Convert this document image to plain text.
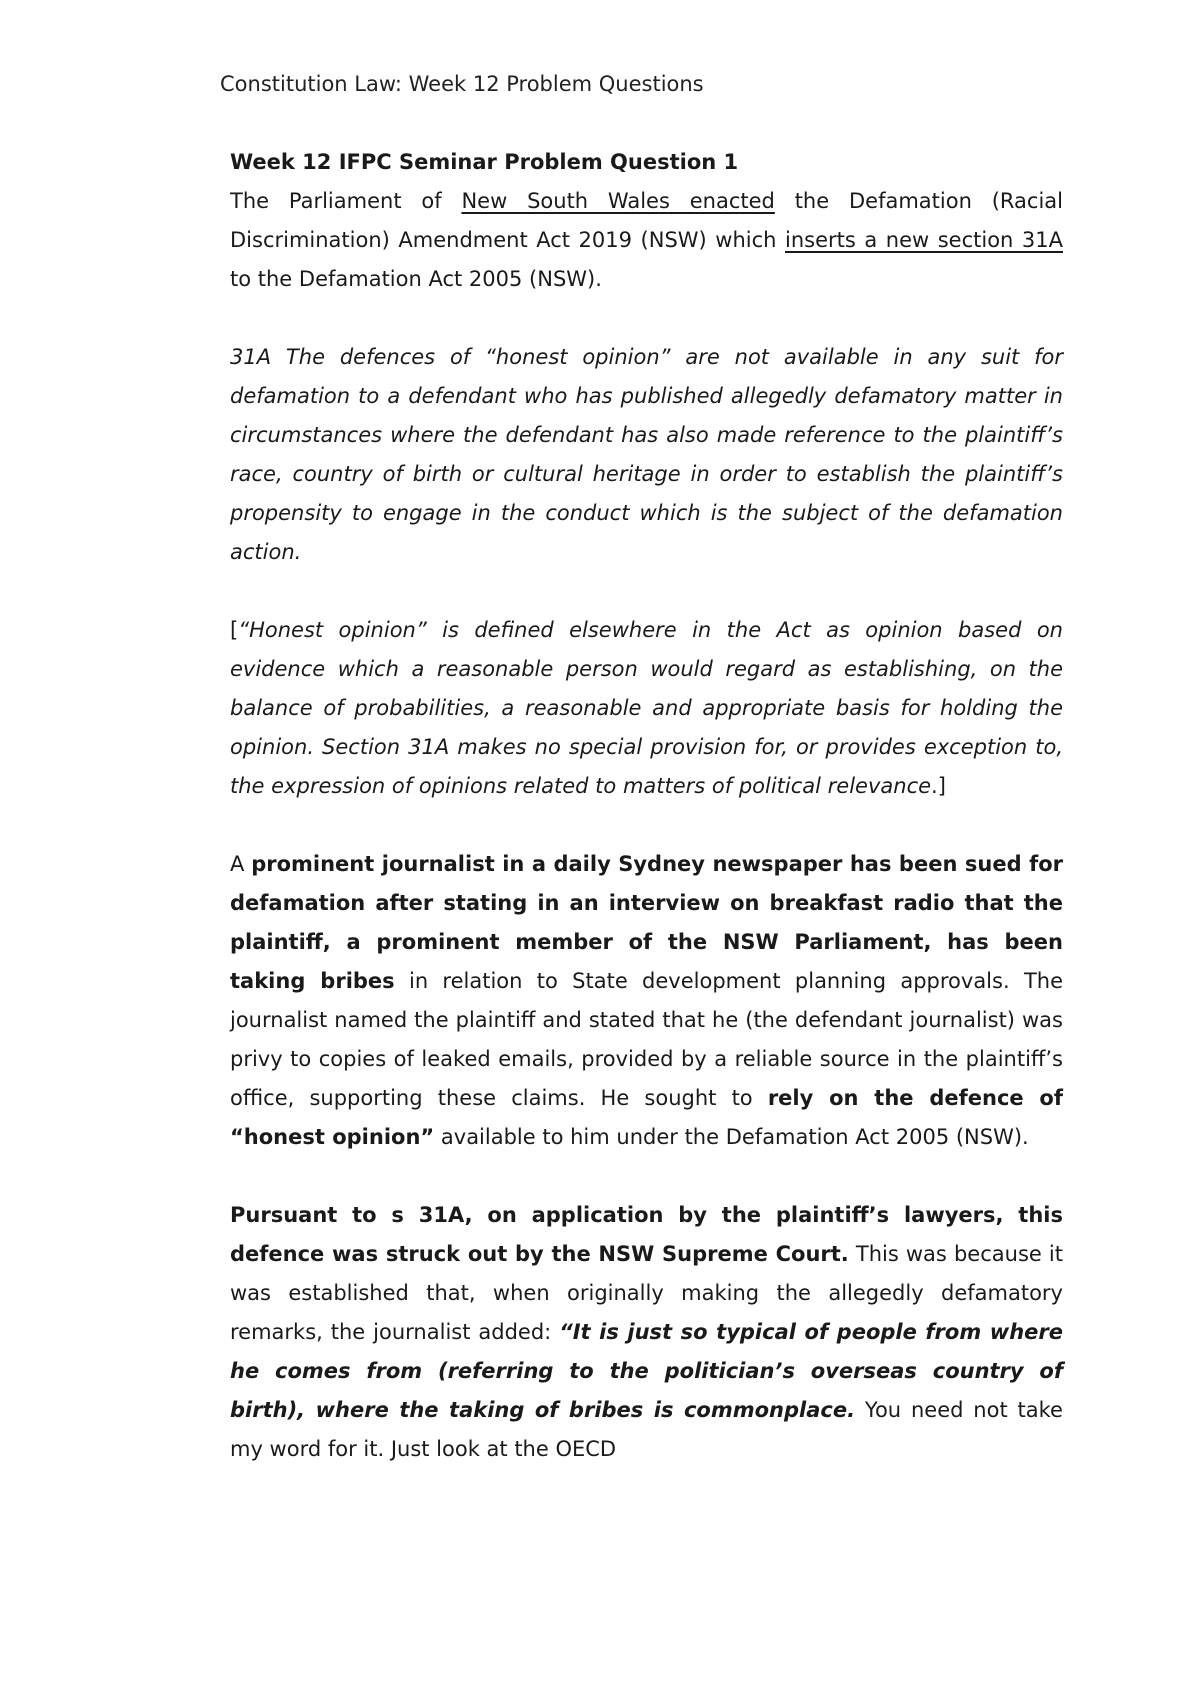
Constitution Law: Week 12 Problem Questions
Week 12 IFPC Seminar Problem Question 1

The Parliament of New South Wales enacted the Defamation (Racial Discrimination) Amendment Act 2019 (NSW) which inserts a new section 31A to the Defamation Act 2005 (NSW).

31A The defences of “honest opinion” are not available in any suit for defamation to a defendant who has published allegedly defamatory matter in circumstances where the defendant has also made reference to the plaintiff’s race, country of birth or cultural heritage in order to establish the plaintiff’s propensity to engage in the conduct which is the subject of the defamation action.

[“Honest opinion” is defined elsewhere in the Act as opinion based on evidence which a reasonable person would regard as establishing, on the balance of probabilities, a reasonable and appropriate basis for holding the opinion. Section 31A makes no special provision for, or provides exception to, the expression of opinions related to matters of political relevance.]

A prominent journalist in a daily Sydney newspaper has been sued for defamation after stating in an interview on breakfast radio that the plaintiff, a prominent member of the NSW Parliament, has been taking bribes in relation to State development planning approvals. The journalist named the plaintiff and stated that he (the defendant journalist) was privy to copies of leaked emails, provided by a reliable source in the plaintiff’s office, supporting these claims. He sought to rely on the defence of “honest opinion” available to him under the Defamation Act 2005 (NSW).

Pursuant to s 31A, on application by the plaintiff’s lawyers, this defence was struck out by the NSW Supreme Court. This was because it was established that, when originally making the allegedly defamatory remarks, the journalist added: “It is just so typical of people from where he comes from (referring to the politician’s overseas country of birth), where the taking of bribes is commonplace. You need not take my word for it. Just look at the OECD
